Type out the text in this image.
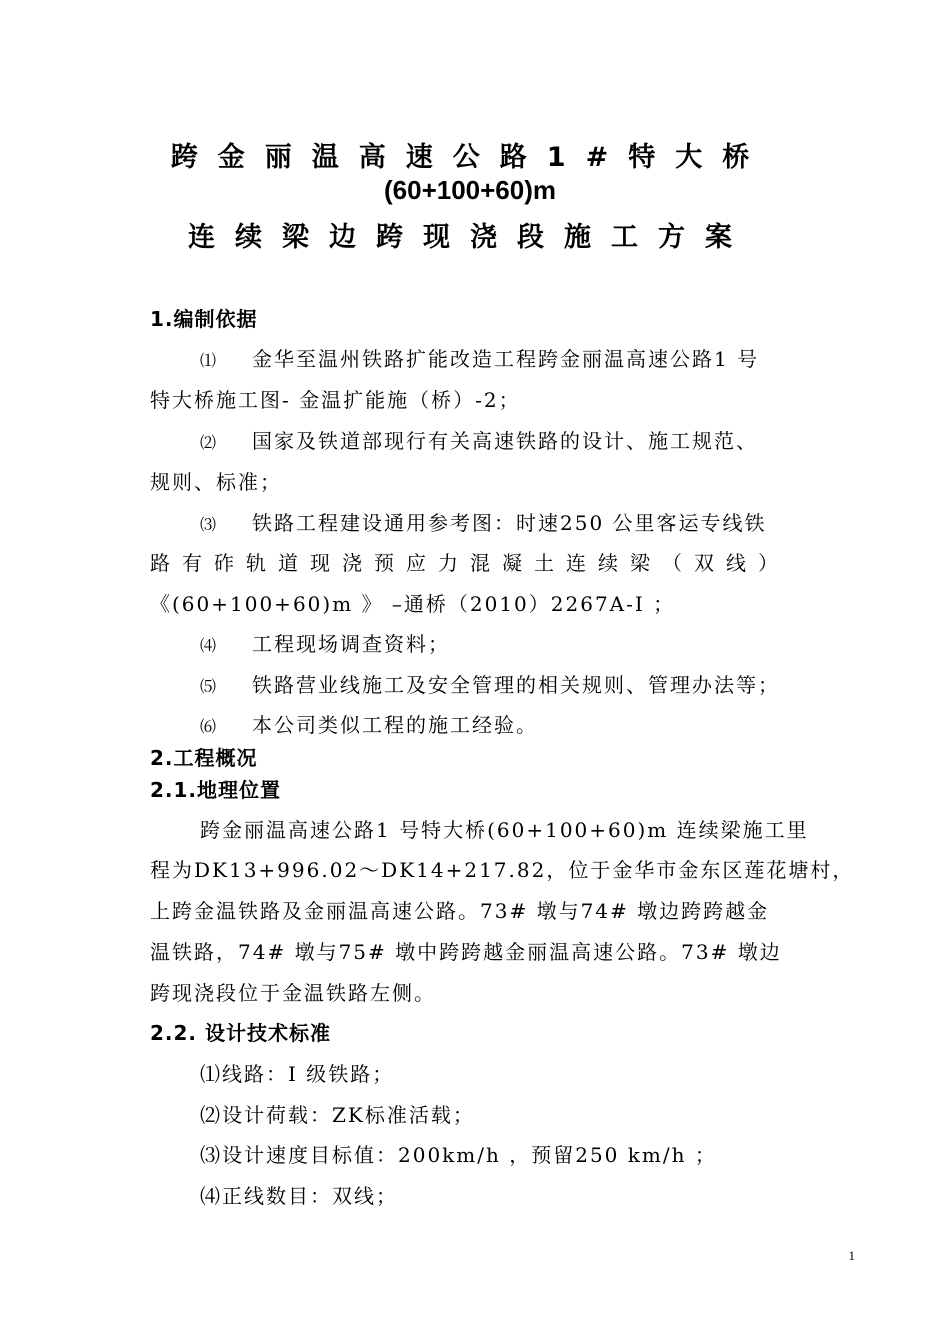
跨金丽温高速公路1#特大桥
(60+100+60)m
连续梁边跨现浇段施工方案
1.编制依据
⑴ 金华至温州铁路扩能改造工程跨金丽温高速公路1 号
特大桥施工图- 金温扩能施（桥）-2；
⑵ 国家及铁道部现行有关高速铁路的设计、施工规范、
规则、标准；
⑶ 铁路工程建设通用参考图：时速250 公里客运专线铁
路有砟轨道现浇预应力混凝土连续梁（双线）
《(60+100+60)m 》 –通桥（2010）2267A-Ⅰ ；
⑷ 工程现场调查资料；
⑸ 铁路营业线施工及安全管理的相关规则、管理办法等；
⑹ 本公司类似工程的施工经验。
2.工程概况
2.1.地理位置
跨金丽温高速公路1 号特大桥(60+100+60)m 连续梁施工里
程为DK13+996.02～DK14+217.82，位于金华市金东区莲花塘村，
上跨金温铁路及金丽温高速公路。73# 墩与74# 墩边跨跨越金
温铁路，74# 墩与75# 墩中跨跨越金丽温高速公路。73# 墩边
跨现浇段位于金温铁路左侧。
2.2. 设计技术标准
⑴线路：Ⅰ 级铁路；
⑵设计荷载：ZK标准活载；
⑶设计速度目标值：200km/h ，预留250 km/h ；
⑷正线数目：双线；
1
